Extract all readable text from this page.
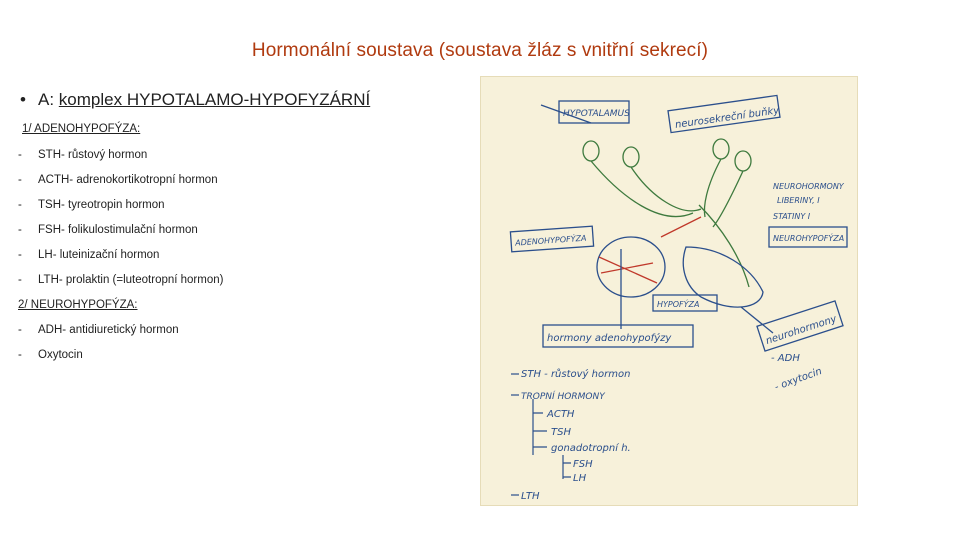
Hormonální soustava (soustava žláz s vnitřní sekrecí)
• A: komplex HYPOTALAMO-HYPOFYZÁRNÍ
1/ ADENOHYPOFÝZA:
- STH- růstový hormon
- ACTH- adrenokortikotropní hormon
- TSH- tyreotropin hormon
- FSH- folikulostimulační hormon
- LH- luteinizační hormon
- LTH- prolaktin (=luteotropní hormon)
2/ NEUROHYPOFÝZA:
- ADH- antidiuretický hormon
- Oxytocin
HYPOTALAMUS	neurosekreční buňky
NEUROHORMONY
LIBERINY, I
STATINY I
NEUROHYPOFÝZA
ADENOHYPOFÝZA
HYPOFÝZA
hormony adenohypofýzy	neurohormony
- ADH
- oxytocin
STH - růstový hormon
TROPNÍ HORMONY
ACTH
TSH
gonadotropní h.
FSH
LH
LTH
